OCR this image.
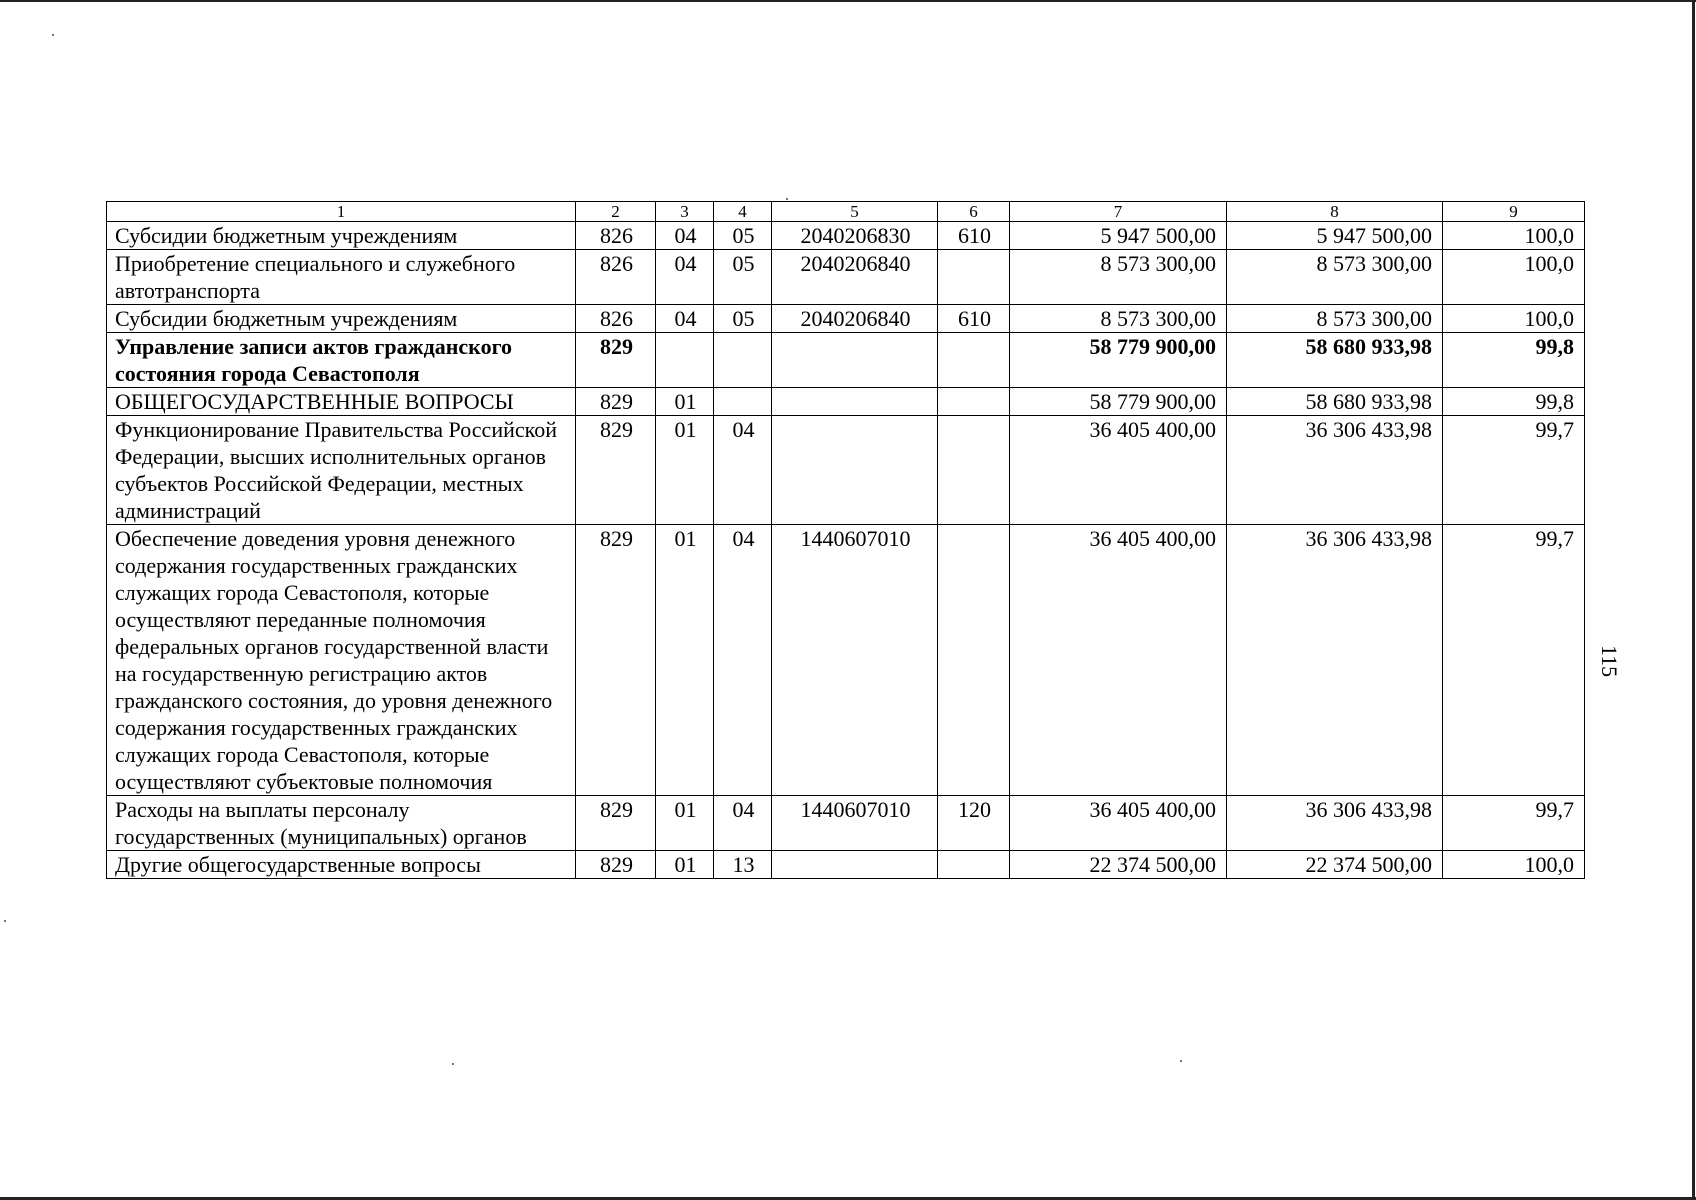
1	2	3	4	5	6	7	8	9
Субсидии бюджетным учреждениям	826	04	05	2040206830	610	5 947 500,00	5 947 500,00	100,0
Приобретение специального и служебного автотранспорта	826	04	05	2040206840		8 573 300,00	8 573 300,00	100,0
Субсидии бюджетным учреждениям	826	04	05	2040206840	610	8 573 300,00	8 573 300,00	100,0
Управление записи актов гражданского состояния города Севастополя	829					58 779 900,00	58 680 933,98	99,8
ОБЩЕГОСУДАРСТВЕННЫЕ ВОПРОСЫ	829	01				58 779 900,00	58 680 933,98	99,8
Функционирование Правительства Российской Федерации, высших исполнительных органов субъектов Российской Федерации, местных администраций	829	01	04			36 405 400,00	36 306 433,98	99,7
Обеспечение доведения уровня денежного содержания государственных гражданских служащих города Севастополя, которые осуществляют переданные полномочия федеральных органов государственной власти на государственную регистрацию актов гражданского состояния, до уровня денежного содержания государственных гражданских служащих города Севастополя, которые осуществляют субъектовые полномочия	829	01	04	1440607010		36 405 400,00	36 306 433,98	99,7
Расходы на выплаты персоналу государственных (муниципальных) органов	829	01	04	1440607010	120	36 405 400,00	36 306 433,98	99,7
Другие общегосударственные вопросы	829	01	13			22 374 500,00	22 374 500,00	100,0
115
